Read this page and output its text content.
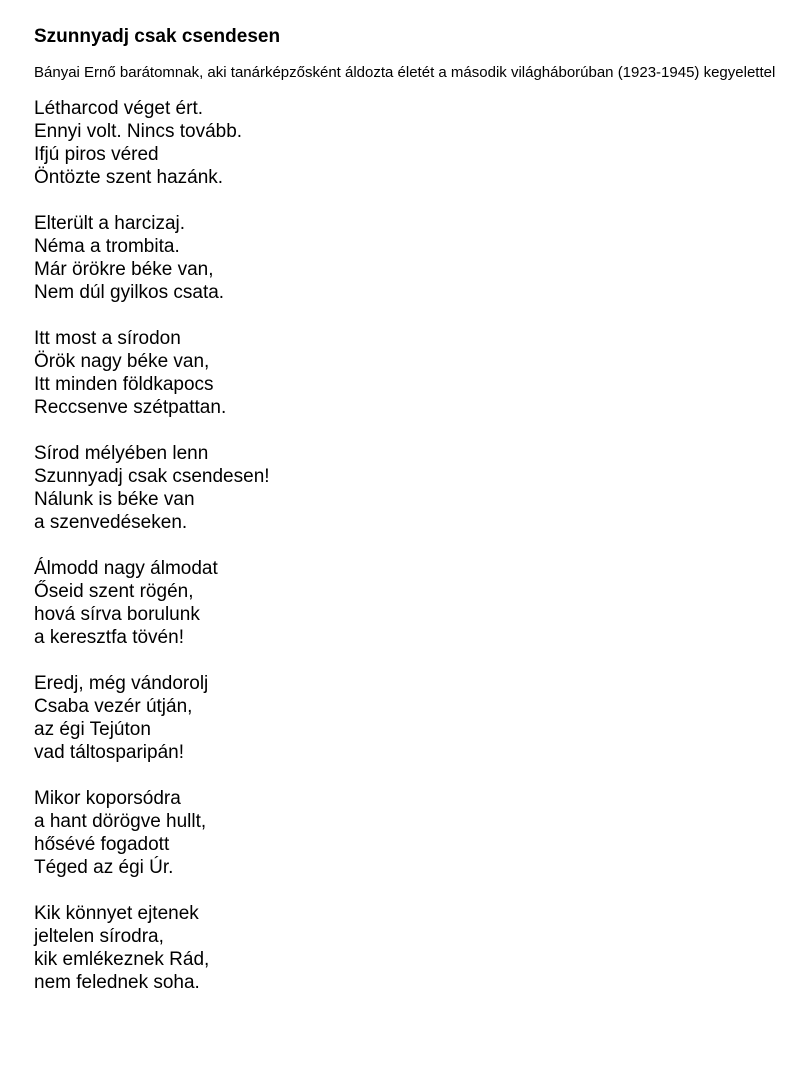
Szunnyadj csak csendesen
Bányai Ernő barátomnak, aki tanárképzősként áldozta életét a második világháborúban (1923-1945) kegyelettel
Létharcod véget ért.
Ennyi volt. Nincs tovább.
Ifjú piros véred
Öntözte szent hazánk.
Elterült a harcizaj.
Néma a trombita.
Már örökre béke van,
Nem dúl gyilkos csata.
Itt most a sírodon
Örök nagy béke van,
Itt minden földkapocs
Reccsenve szétpattan.
Sírod mélyében lenn
Szunnyadj csak csendesen!
Nálunk is béke van
a szenvedéseken.
Álmodd nagy álmodat
Őseid szent rögén,
hová sírva borulunk
a keresztfa tövén!
Eredj, még vándorolj
Csaba vezér útján,
az égi Tejúton
vad táltosparipán!
Mikor koporsódra
a hant dörögve hullt,
hősévé fogadott
Téged az égi Úr.
Kik könnyet ejtenek
jeltelen sírodra,
kik emlékeznek Rád,
nem felednek soha.
